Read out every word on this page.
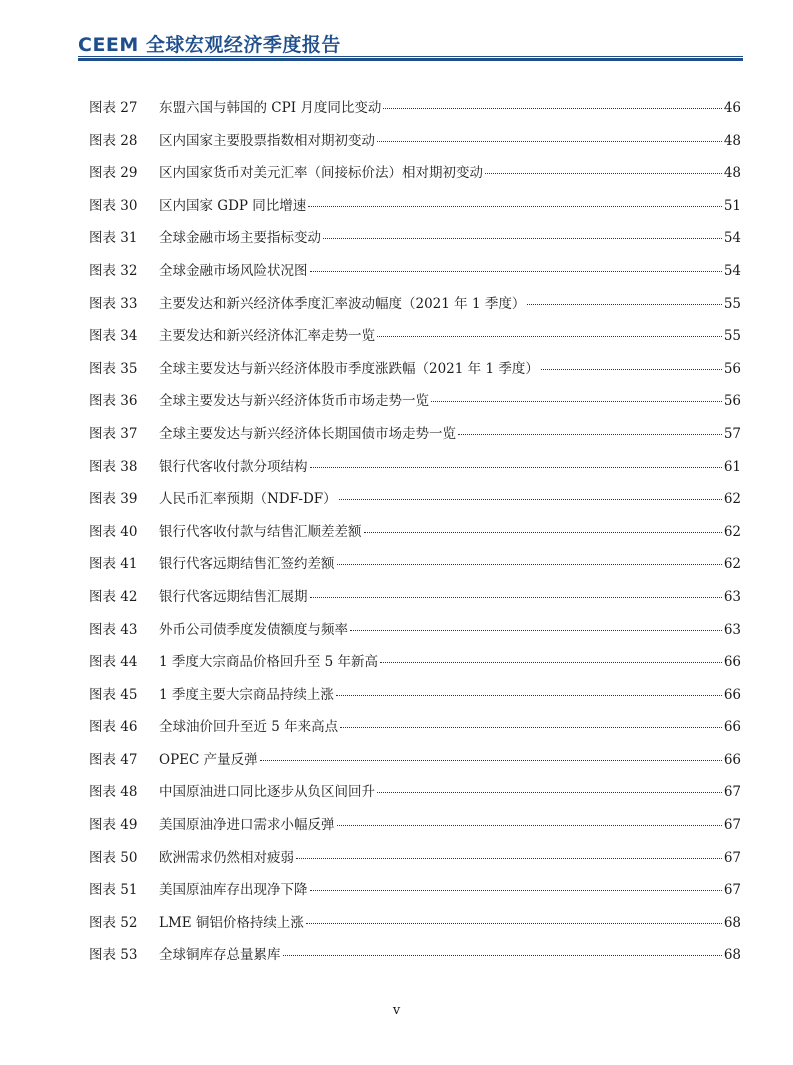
CEEM 全球宏观经济季度报告
图表 27	东盟六国与韩国的 CPI 月度同比变动	46
图表 28	区内国家主要股票指数相对期初变动	48
图表 29	区内国家货币对美元汇率（间接标价法）相对期初变动	48
图表 30	区内国家 GDP 同比增速	51
图表 31	全球金融市场主要指标变动	54
图表 32	全球金融市场风险状况图	54
图表 33	主要发达和新兴经济体季度汇率波动幅度（2021 年 1 季度）	55
图表 34	主要发达和新兴经济体汇率走势一览	55
图表 35	全球主要发达与新兴经济体股市季度涨跌幅（2021 年 1 季度）	56
图表 36	全球主要发达与新兴经济体货币市场走势一览	56
图表 37	全球主要发达与新兴经济体长期国债市场走势一览	57
图表 38	银行代客收付款分项结构	61
图表 39	人民币汇率预期（NDF-DF）	62
图表 40	银行代客收付款与结售汇顺差差额	62
图表 41	银行代客远期结售汇签约差额	62
图表 42	银行代客远期结售汇展期	63
图表 43	外币公司债季度发债额度与频率	63
图表 44	1 季度大宗商品价格回升至 5 年新高	66
图表 45	1 季度主要大宗商品持续上涨	66
图表 46	全球油价回升至近 5 年来高点	66
图表 47	OPEC 产量反弹	66
图表 48	中国原油进口同比逐步从负区间回升	67
图表 49	美国原油净进口需求小幅反弹	67
图表 50	欧洲需求仍然相对疲弱	67
图表 51	美国原油库存出现净下降	67
图表 52	LME 铜铝价格持续上涨	68
图表 53	全球铜库存总量累库	68
v
